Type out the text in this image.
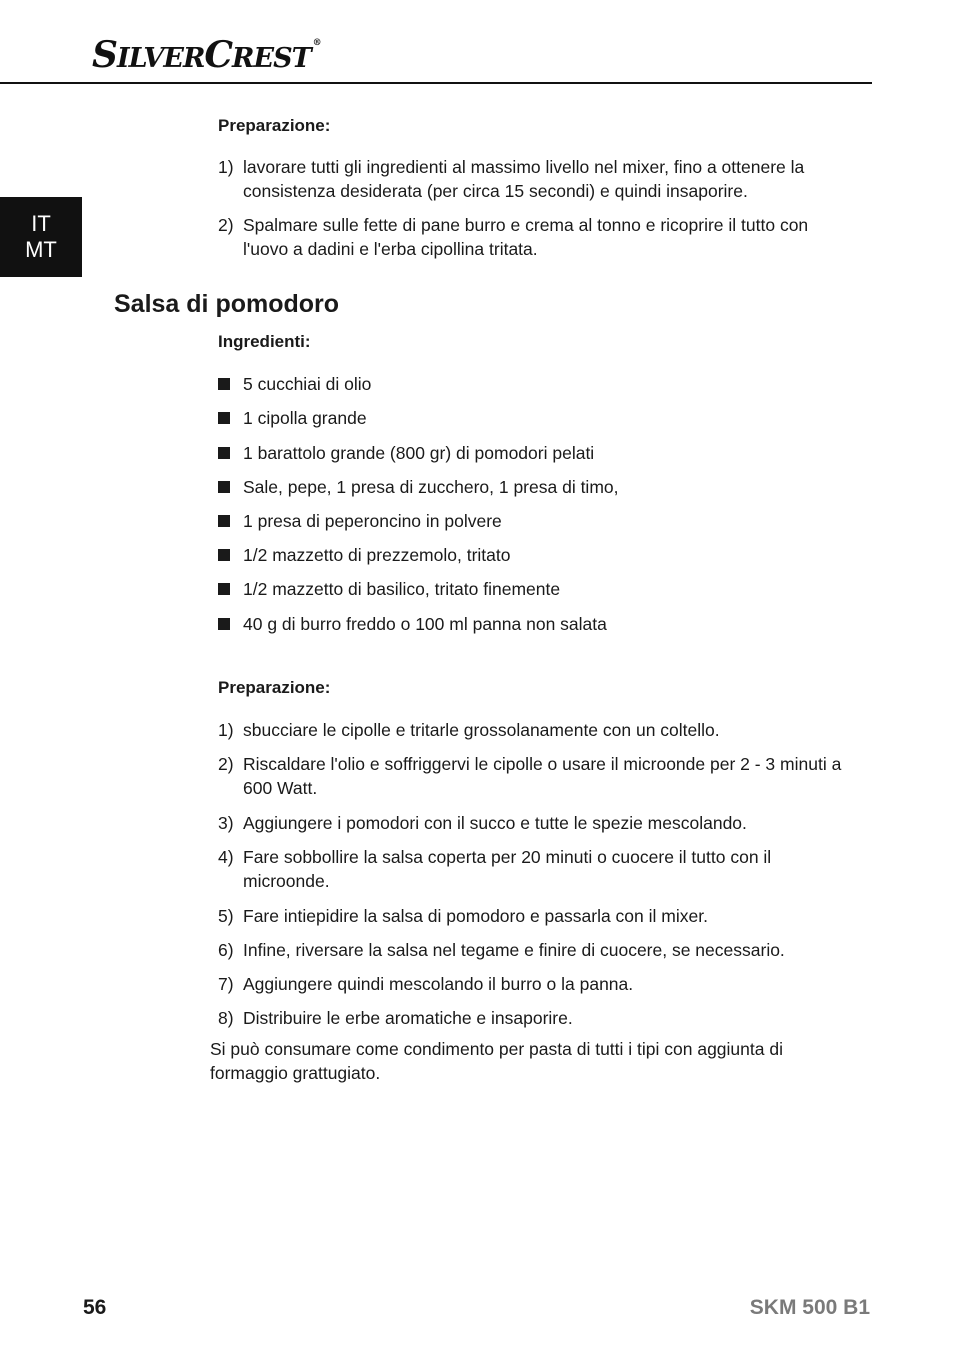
SILVERCREST ®
IT
MT
Preparazione:
1) lavorare tutti gli ingredienti al massimo livello nel mixer, fino a ottenere la consistenza desiderata (per circa 15 secondi) e quindi insaporire.
2) Spalmare sulle fette di pane burro e crema al tonno e ricoprire il tutto con l'uovo a dadini e l'erba cipollina tritata.
Salsa di pomodoro
Ingredienti:
5 cucchiai di olio
1 cipolla grande
1 barattolo grande (800 gr) di pomodori pelati
Sale, pepe, 1 presa di zucchero, 1 presa di timo,
1 presa di peperoncino in polvere
1/2 mazzetto di prezzemolo, tritato
1/2 mazzetto di basilico, tritato finemente
40 g di burro freddo o 100 ml panna non salata
Preparazione:
1) sbucciare le cipolle e tritarle grossolanamente con un coltello.
2) Riscaldare l'olio e soffriggervi le cipolle o usare il microonde per 2 - 3 minuti a 600 Watt.
3) Aggiungere i pomodori con il succo e tutte le spezie mescolando.
4) Fare sobbollire la salsa coperta per 20 minuti o cuocere il tutto con il microonde.
5) Fare intiepidire la salsa di pomodoro e passarla con il mixer.
6) Infine, riversare la salsa nel tegame e finire di cuocere, se necessario.
7) Aggiungere quindi mescolando il burro o la panna.
8) Distribuire le erbe aromatiche e insaporire.
Si può consumare come condimento per pasta di tutti i tipi con aggiunta di formaggio grattugiato.
56	SKM 500 B1
